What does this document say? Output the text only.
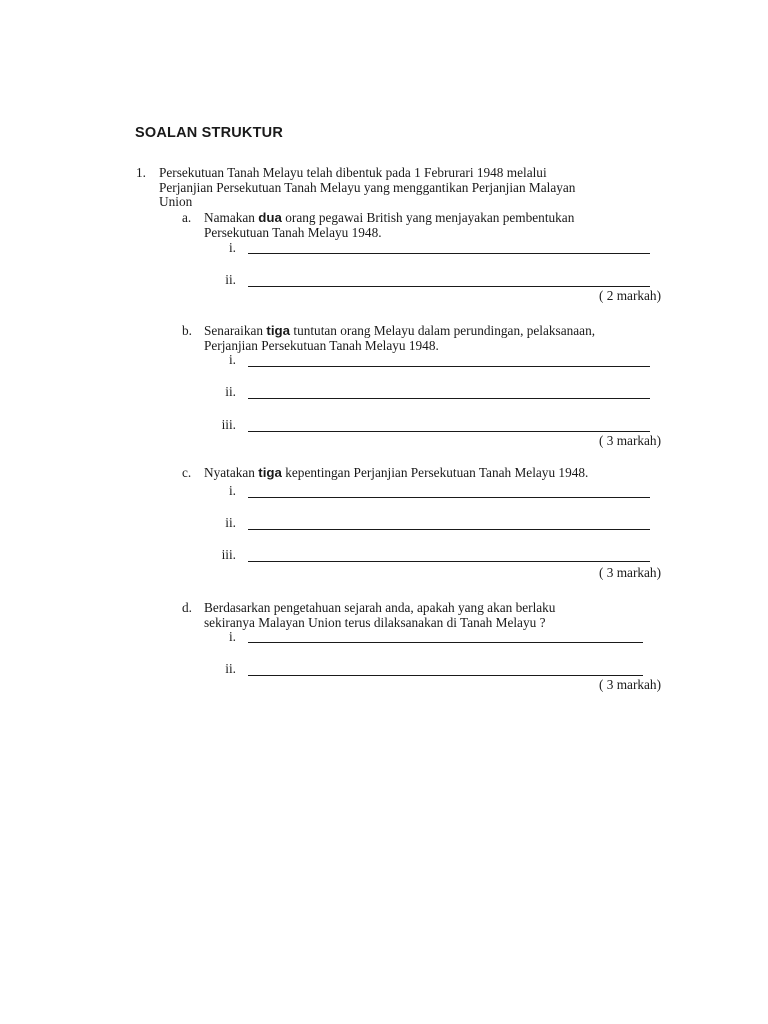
SOALAN STRUKTUR
1. Persekutuan Tanah Melayu telah dibentuk pada 1 Februrari 1948 melalui
Perjanjian Persekutuan Tanah Melayu yang menggantikan Perjanjian Malayan
Union
a. Namakan dua orang pegawai British yang menjayakan pembentukan
Persekutuan Tanah Melayu 1948.
i.
ii.
( 2 markah)
b. Senaraikan tiga tuntutan orang Melayu dalam perundingan, pelaksanaan,
Perjanjian Persekutuan Tanah Melayu 1948.
i.
ii.
iii.
( 3 markah)
c. Nyatakan tiga kepentingan Perjanjian Persekutuan Tanah Melayu 1948.
i.
ii.
iii.
( 3 markah)
d. Berdasarkan pengetahuan sejarah anda, apakah yang akan berlaku
sekiranya Malayan Union terus dilaksanakan di Tanah Melayu ?
i.
ii.
( 3 markah)
